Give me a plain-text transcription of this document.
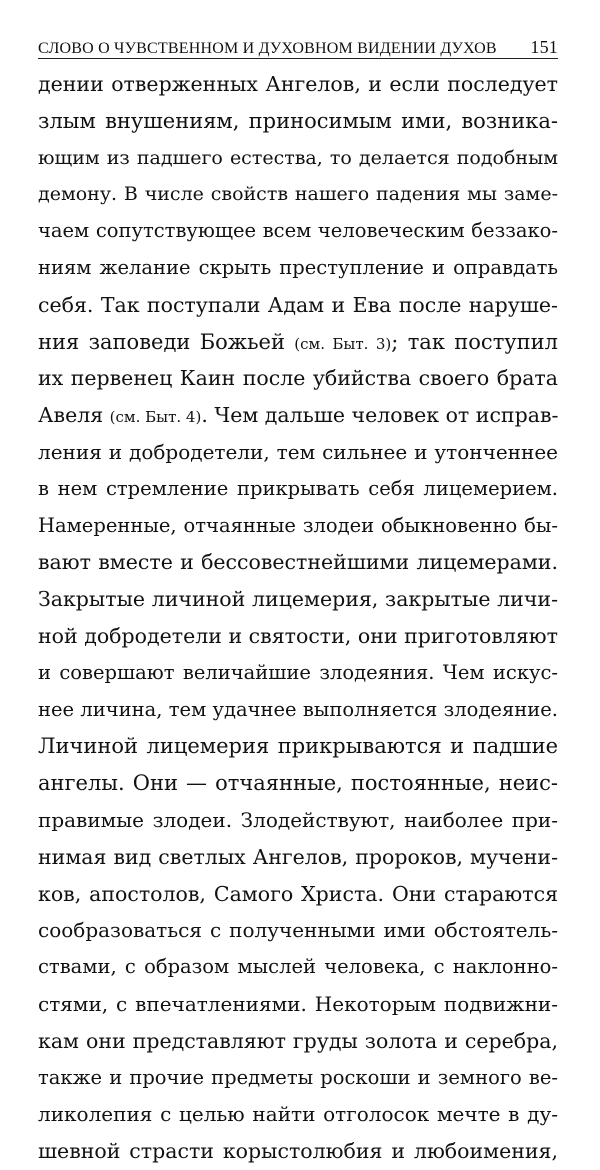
СЛОВО О ЧУВСТВЕННОМ И ДУХОВНОМ ВИДЕНИИ ДУХОВ 151
дении отверженных Ангелов, и если последует
злым внушениям, приносимым ими, возника-
ющим из падшего естества, то делается подобным
демону. В числе свойств нашего падения мы заме-
чаем сопутствующее всем человеческим беззако-
ниям желание скрыть преступление и оправдать
себя. Так поступали Адам и Ева после наруше-
ния заповеди Божьей (см. Быт. 3); так поступил
их первенец Каин после убийства своего брата
Авеля (см. Быт. 4). Чем дальше человек от исправ-
ления и добродетели, тем сильнее и утонченнее
в нем стремление прикрывать себя лицемерием.
Намеренные, отчаянные злодеи обыкновенно бы-
вают вместе и бессовестнейшими лицемерами.
Закрытые личиной лицемерия, закрытые личи-
ной добродетели и святости, они приготовляют
и совершают величайшие злодеяния. Чем искус-
нее личина, тем удачнее выполняется злодеяние.
Личиной лицемерия прикрываются и падшие
ангелы. Они — отчаянные, постоянные, неис-
правимые злодеи. Злодействуют, наиболее при-
нимая вид светлых Ангелов, пророков, мучени-
ков, апостолов, Самого Христа. Они стараются
сообразоваться с полученными ими обстоятель-
ствами, с образом мыслей человека, с наклонно-
стями, с впечатлениями. Некоторым подвижни-
кам они представляют груды золота и серебра,
также и прочие предметы роскоши и земного ве-
ликолепия с целью найти отголосок мечте в ду-
шевной страсти корыстолюбия и любоимения,
